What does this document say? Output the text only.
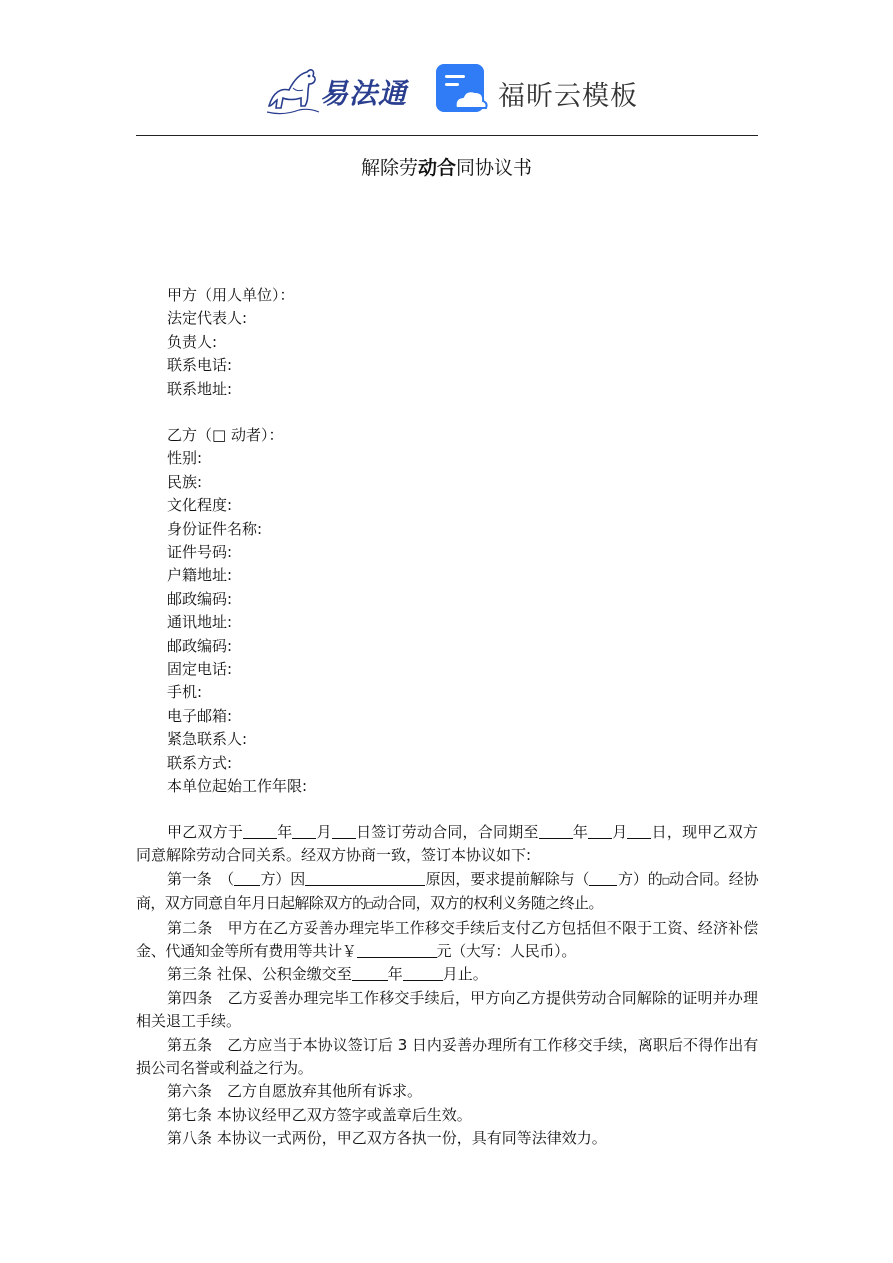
易法通	福昕云模板
解除劳动合同协议书
甲方（用人单位）：
法定代表人:
负责人:
联系电话:
联系地址:
乙方（□ 动者）：
性别:
民族:
文化程度:
身份证件名称:
证件号码:
户籍地址:
邮政编码:
通讯地址:
邮政编码:
固定电话:
手机:
电子邮箱:
紧急联系人:
联系方式:
本单位起始工作年限:

甲乙双方于 年 月 日签订劳动合同，合同期至 年 月 日，现甲乙双方同意解除劳动合同关系。经双方协商一致，签订本协议如下:

第一条　（ 方）因	原因，要求提前解除与（ 方）的□动合同。经协商，双方同意自年月日起解除双方的□动合同，双方的权利义务随之终止。

第二条　甲方在乙方妥善办理完毕工作移交手续后支付乙方包括但不限于工资、经济补偿金、代通知金等所有费用等共计￥	元（大写：人民币）。

第三条 社保、公积金缴交至 年	月止。

第四条　乙方妥善办理完毕工作移交手续后，甲方向乙方提供劳动合同解除的证明并办理相关退工手续。

第五条　乙方应当于本协议签订后 3 日内妥善办理所有工作移交手续，离职后不得作出有损公司名誉或利益之行为。

第六条　乙方自愿放弃其他所有诉求。

第七条 本协议经甲乙双方签字或盖章后生效。

第八条 本协议一式两份，甲乙双方各执一份，具有同等法律效力。
